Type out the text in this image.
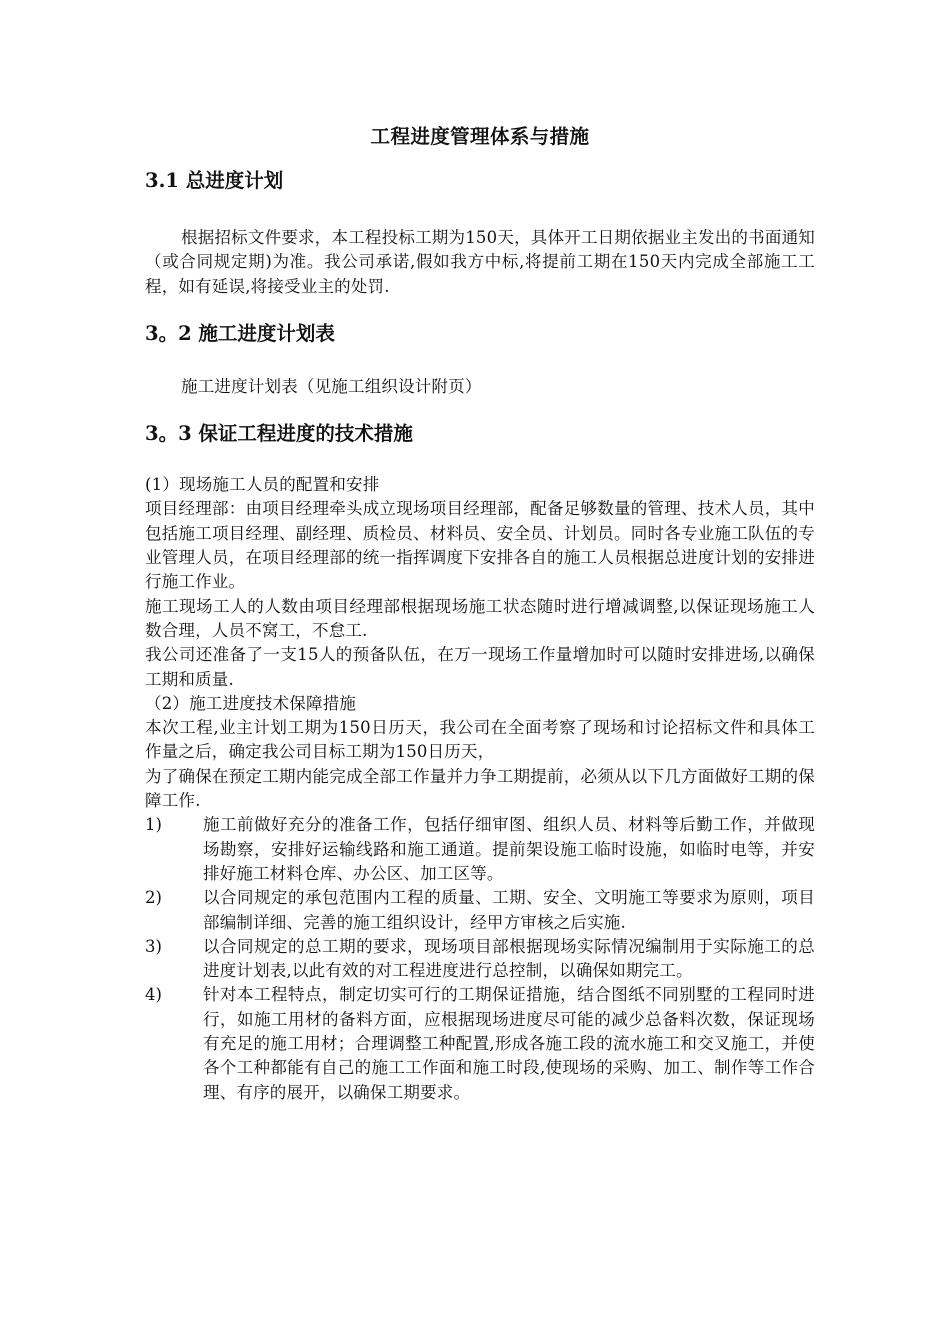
工程进度管理体系与措施
3.1 总进度计划

根据招标文件要求，本工程投标工期为150天，具体开工日期依据业主发出的书面通知（或合同规定期)为准。我公司承诺,假如我方中标,将提前工期在150天内完成全部施工工程，如有延误,将接受业主的处罚.

3。2 施工进度计划表

施工进度计划表（见施工组织设计附页）

3。3 保证工程进度的技术措施

(1）现场施工人员的配置和安排

项目经理部：由项目经理牵头成立现场项目经理部，配备足够数量的管理、技术人员，其中包括施工项目经理、副经理、质检员、材料员、安全员、计划员。同时各专业施工队伍的专业管理人员，在项目经理部的统一指挥调度下安排各自的施工人员根据总进度计划的安排进行施工作业。

施工现场工人的人数由项目经理部根据现场施工状态随时进行增减调整,以保证现场施工人数合理，人员不窝工，不怠工.

我公司还准备了一支15人的预备队伍，在万一现场工作量增加时可以随时安排进场,以确保工期和质量.

（2）施工进度技术保障措施

本次工程,业主计划工期为150日历天，我公司在全面考察了现场和讨论招标文件和具体工作量之后，确定我公司目标工期为150日历天，

为了确保在预定工期内能完成全部工作量并力争工期提前，必须从以下几方面做好工期的保障工作.

1)	施工前做好充分的准备工作，包括仔细审图、组织人员、材料等后勤工作，并做现场勘察，安排好运输线路和施工通道。提前架设施工临时设施，如临时电等，并安排好施工材料仓库、办公区、加工区等。
2)	以合同规定的承包范围内工程的质量、工期、安全、文明施工等要求为原则，项目部编制详细、完善的施工组织设计，经甲方审核之后实施.
3)	以合同规定的总工期的要求，现场项目部根据现场实际情况编制用于实际施工的总进度计划表,以此有效的对工程进度进行总控制，以确保如期完工。
4)	针对本工程特点，制定切实可行的工期保证措施，结合图纸不同别墅的工程同时进行，如施工用材的备料方面，应根据现场进度尽可能的减少总备料次数，保证现场有充足的施工用材；合理调整工种配置,形成各施工段的流水施工和交叉施工，并使各个工种都能有自己的施工工作面和施工时段,使现场的采购、加工、制作等工作合理、有序的展开，以确保工期要求。
